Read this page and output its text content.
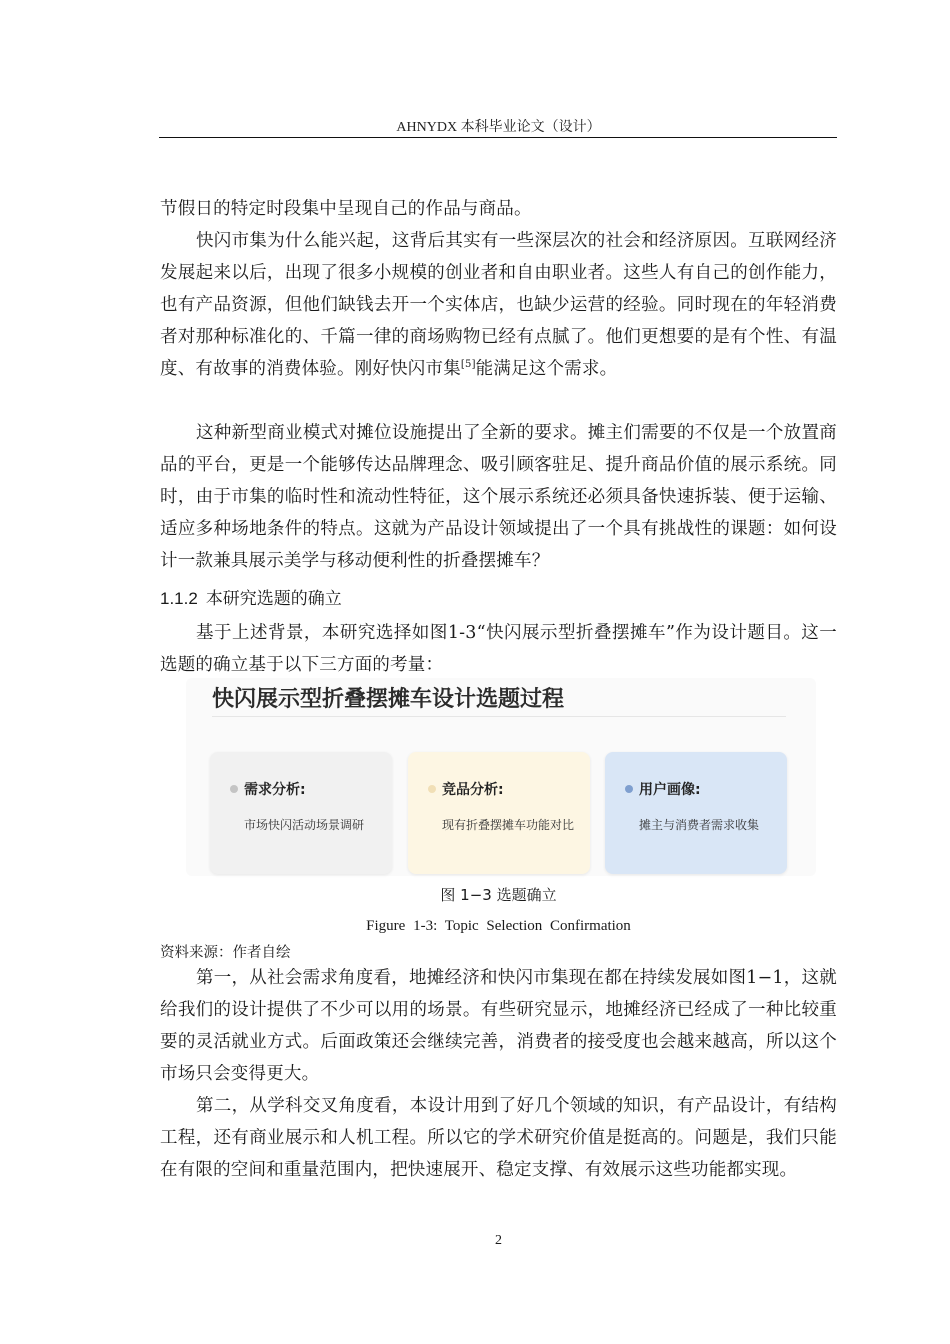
AHNYDX 本科毕业论文（设计）
节假日的特定时段集中呈现自己的作品与商品。
快闪市集为什么能兴起，这背后其实有一些深层次的社会和经济原因。互联网经济发展起来以后，出现了很多小规模的创业者和自由职业者。这些人有自己的创作能力，也有产品资源，但他们缺钱去开一个实体店，也缺少运营的经验。同时现在的年轻消费者对那种标准化的、千篇一律的商场购物已经有点腻了。他们更想要的是有个性、有温度、有故事的消费体验。刚好快闪市集[5]能满足这个需求。
这种新型商业模式对摊位设施提出了全新的要求。摊主们需要的不仅是一个放置商品的平台，更是一个能够传达品牌理念、吸引顾客驻足、提升商品价值的展示系统。同时，由于市集的临时性和流动性特征，这个展示系统还必须具备快速拆装、便于运输、适应多种场地条件的特点。这就为产品设计领域提出了一个具有挑战性的课题：如何设计一款兼具展示美学与移动便利性的折叠摆摊车？
1.1.2 本研究选题的确立
基于上述背景，本研究选择如图1-3“快闪展示型折叠摆摊车”作为设计题目。这一选题的确立基于以下三方面的考量：
快闪展示型折叠摆摊车设计选题过程
需求分析:
市场快闪活动场景调研
竞品分析:
现有折叠摆摊车功能对比
用户画像:
摊主与消费者需求收集
图 1−3 选题确立
Figure 1-3: Topic Selection Confirmation
资料来源：作者自绘
第一，从社会需求角度看，地摊经济和快闪市集现在都在持续发展如图1−1，这就给我们的设计提供了不少可以用的场景。有些研究显示，地摊经济已经成了一种比较重要的灵活就业方式。后面政策还会继续完善，消费者的接受度也会越来越高，所以这个市场只会变得更大。
第二，从学科交叉角度看，本设计用到了好几个领域的知识，有产品设计，有结构工程，还有商业展示和人机工程。所以它的学术研究价值是挺高的。问题是，我们只能在有限的空间和重量范围内，把快速展开、稳定支撑、有效展示这些功能都实现。
2
